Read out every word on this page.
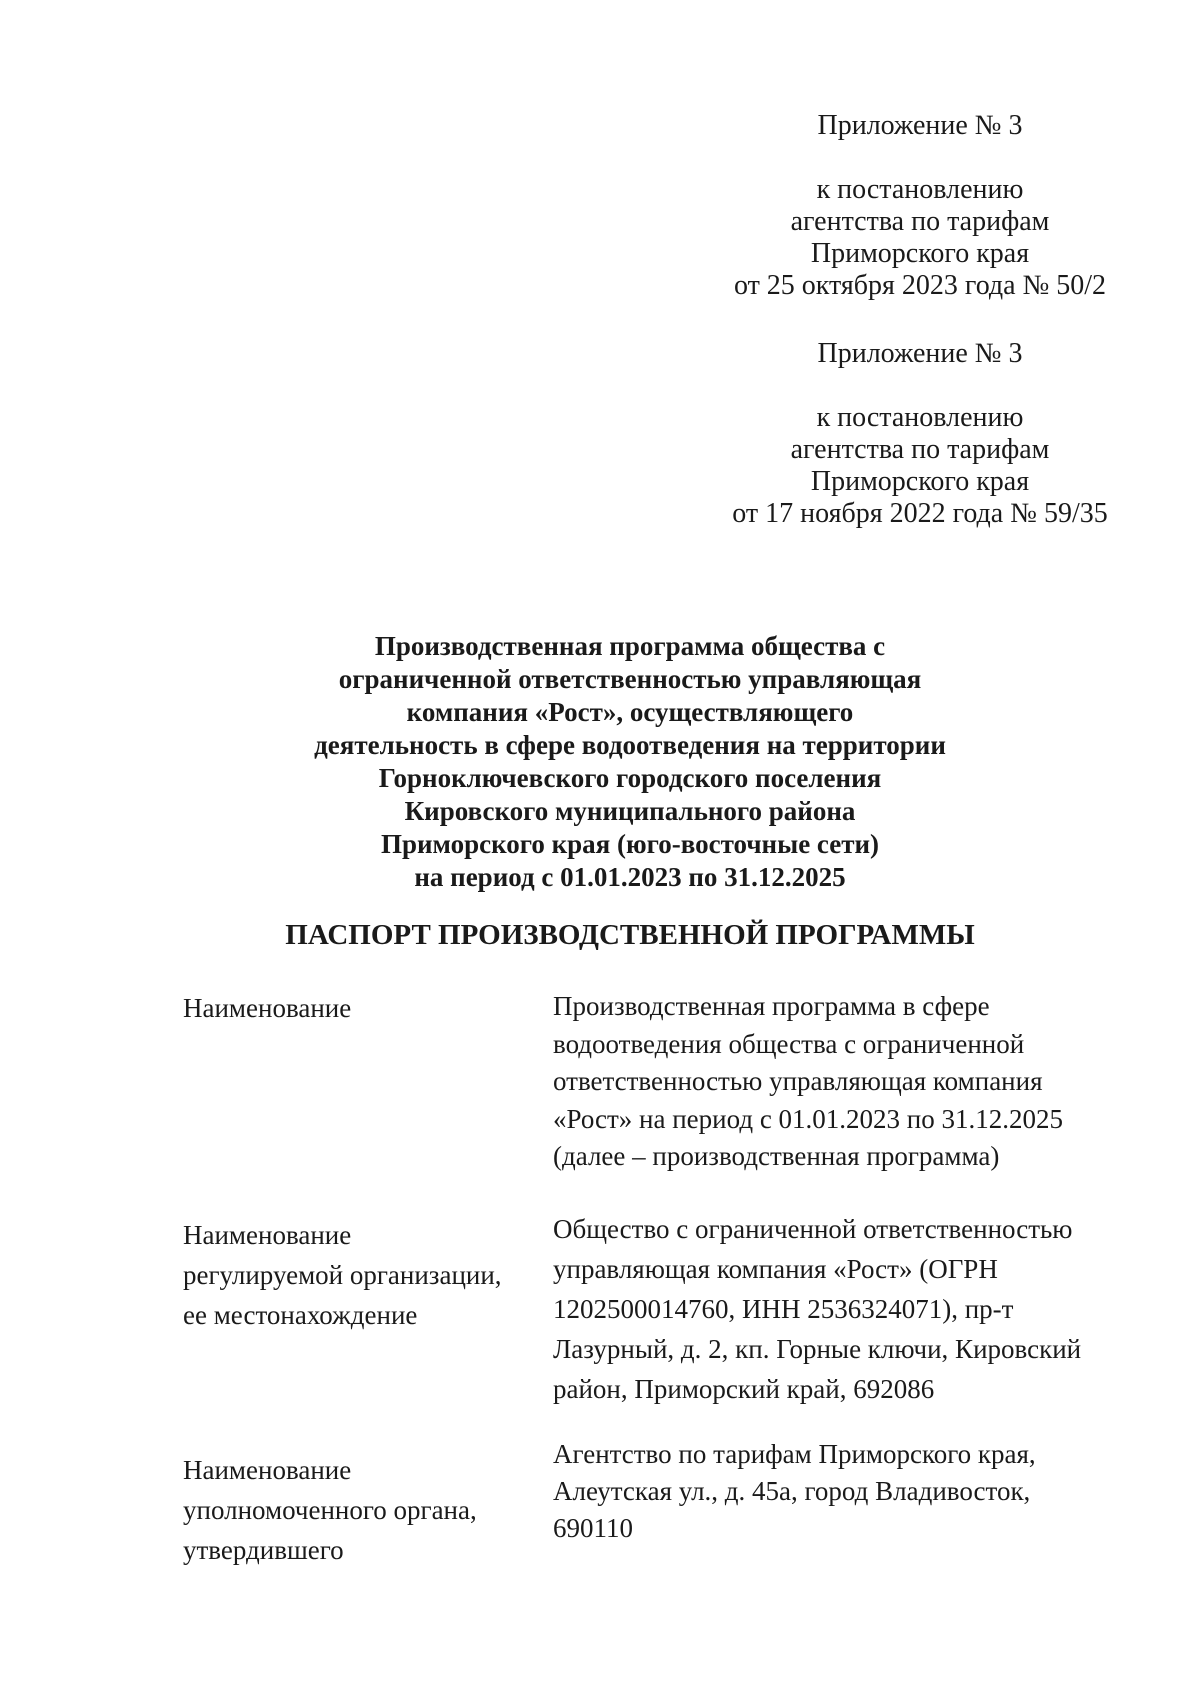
Приложение № 3
к постановлению
агентства по тарифам
Приморского края
от 25 октября 2023 года № 50/2
Приложение № 3
к постановлению
агентства по тарифам
Приморского края
от 17 ноября 2022 года № 59/35
Производственная программа общества с
ограниченной ответственностью управляющая
компания «Рост», осуществляющего
деятельность в сфере водоотведения на территории
Горноключевского городского поселения
Кировского муниципального района
Приморского края (юго-восточные сети)
на период с 01.01.2023 по 31.12.2025
ПАСПОРТ ПРОИЗВОДСТВЕННОЙ ПРОГРАММЫ
Наименование	Производственная программа в сфере
водоотведения общества с ограниченной
ответственностью управляющая компания
«Рост» на период с 01.01.2023 по 31.12.2025
(далее – производственная программа)
Наименование
регулируемой организации,
ее местонахождение
Общество с ограниченной ответственностью
управляющая компания «Рост» (ОГРН
1202500014760, ИНН 2536324071), пр-т
Лазурный, д. 2, кп. Горные ключи, Кировский
район, Приморский край, 692086
Наименование
уполномоченного органа,
утвердившего
Агентство по тарифам Приморского края,
Алеутская ул., д. 45а, город Владивосток,
690110
